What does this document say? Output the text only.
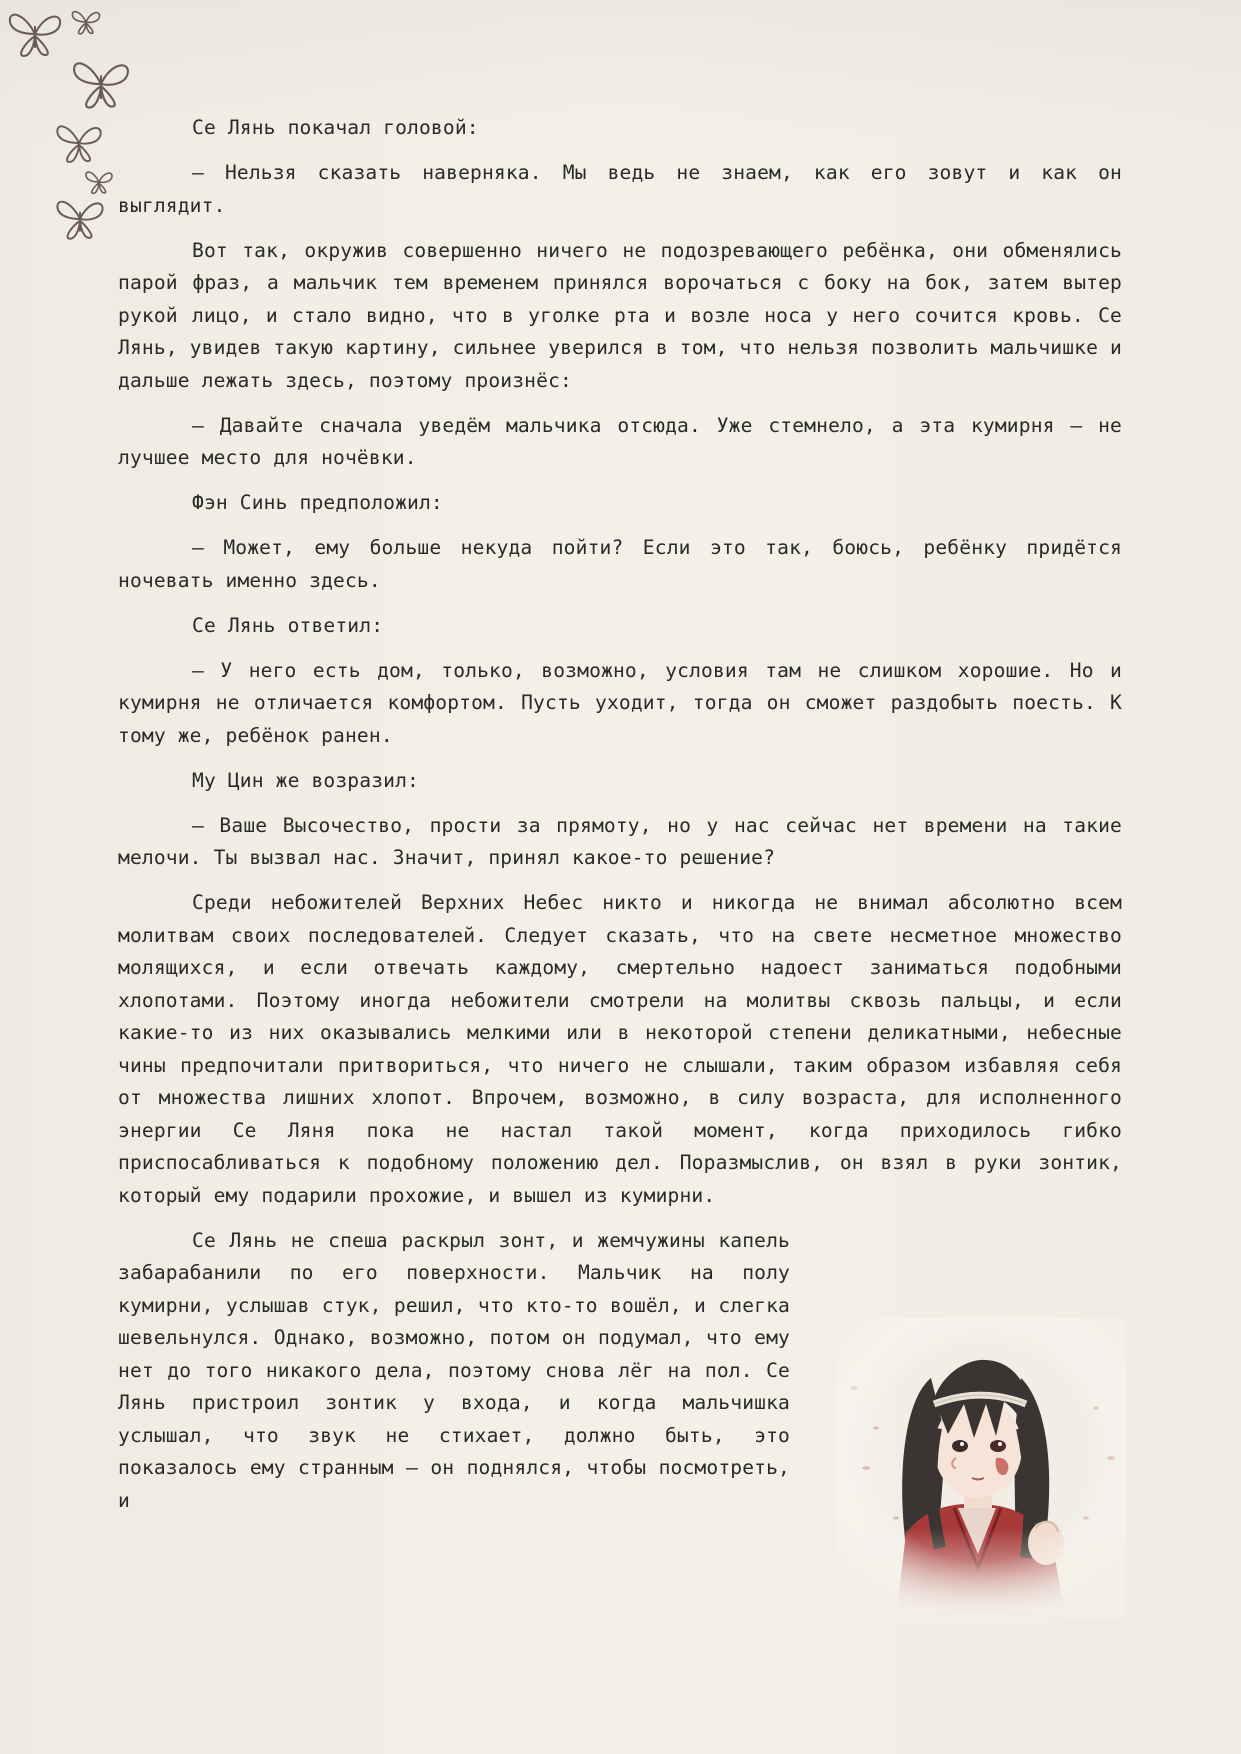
Се Лянь покачал головой:

— Нельзя сказать наверняка. Мы ведь не знаем, как его зовут и как он выглядит.

Вот так, окружив совершенно ничего не подозревающего ребёнка, они обменялись парой фраз, а мальчик тем временем принялся ворочаться с боку на бок, затем вытер рукой лицо, и стало видно, что в уголке рта и возле носа у него сочится кровь. Се Лянь, увидев такую картину, сильнее уверился в том, что нельзя позволить мальчишке и дальше лежать здесь, поэтому произнёс:

— Давайте сначала уведём мальчика отсюда. Уже стемнело, а эта кумирня — не лучшее место для ночёвки.

Фэн Синь предположил:

— Может, ему больше некуда пойти? Если это так, боюсь, ребёнку придётся ночевать именно здесь.

Се Лянь ответил:

— У него есть дом, только, возможно, условия там не слишком хорошие. Но и кумирня не отличается комфортом. Пусть уходит, тогда он сможет раздобыть поесть. К тому же, ребёнок ранен.

Му Цин же возразил:

— Ваше Высочество, прости за прямоту, но у нас сейчас нет времени на такие мелочи. Ты вызвал нас. Значит, принял какое-то решение?

Среди небожителей Верхних Небес никто и никогда не внимал абсолютно всем молитвам своих последователей. Следует сказать, что на свете несметное множество молящихся, и если отвечать каждому, смертельно надоест заниматься подобными хлопотами. Поэтому иногда небожители смотрели на молитвы сквозь пальцы, и если какие-то из них оказывались мелкими или в некоторой степени деликатными, небесные чины предпочитали притвориться, что ничего не слышали, таким образом избавляя себя от множества лишних хлопот. Впрочем, возможно, в силу возраста, для исполненного энергии Се Ляня пока не настал такой момент, когда приходилось гибко приспосабливаться к подобному положению дел. Поразмыслив, он взял в руки зонтик, который ему подарили прохожие, и вышел из кумирни.

Се Лянь не спеша раскрыл зонт, и жемчужины капель забарабанили по его поверхности. Мальчик на полу кумирни, услышав стук, решил, что кто-то вошёл, и слегка шевельнулся. Однако, возможно, потом он подумал, что ему нет до того никакого дела, поэтому снова лёг на пол. Се Лянь пристроил зонтик у входа, и когда мальчишка услышал, что звук не стихает, должно быть, это показалось ему странным — он поднялся, чтобы посмотреть, и
